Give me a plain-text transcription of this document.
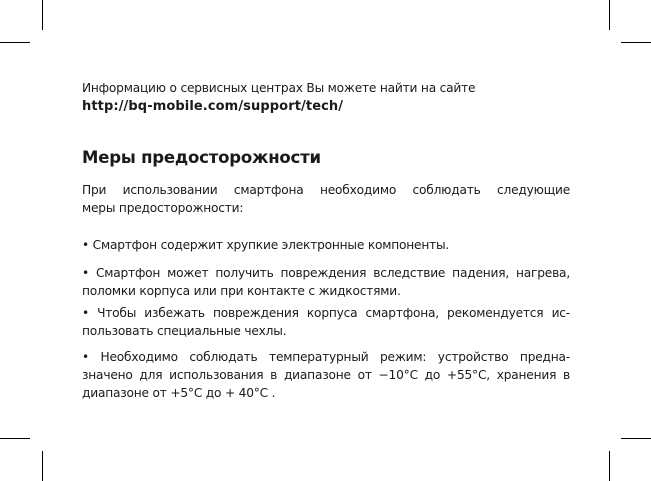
Информацию о сервисных центрах Вы можете найти на сайте
http://bq-mobile.com/support/tech/
Меры предосторожности
При использовании смартфона необходимо соблюдать следующие
меры предосторожности:
• Смартфон содержит хрупкие электронные компоненты.
• Смартфон может получить повреждения вследствие падения, нагрева,
поломки корпуса или при контакте с жидкостями.
• Чтобы избежать повреждения корпуса смартфона, рекомендуется ис-
пользовать специальные чехлы.
• Необходимо соблюдать температурный режим: устройство предна-
значено для использования в диапазоне от −10°C до +55°C, хранения в
диапазоне от +5°C до + 40°C .
